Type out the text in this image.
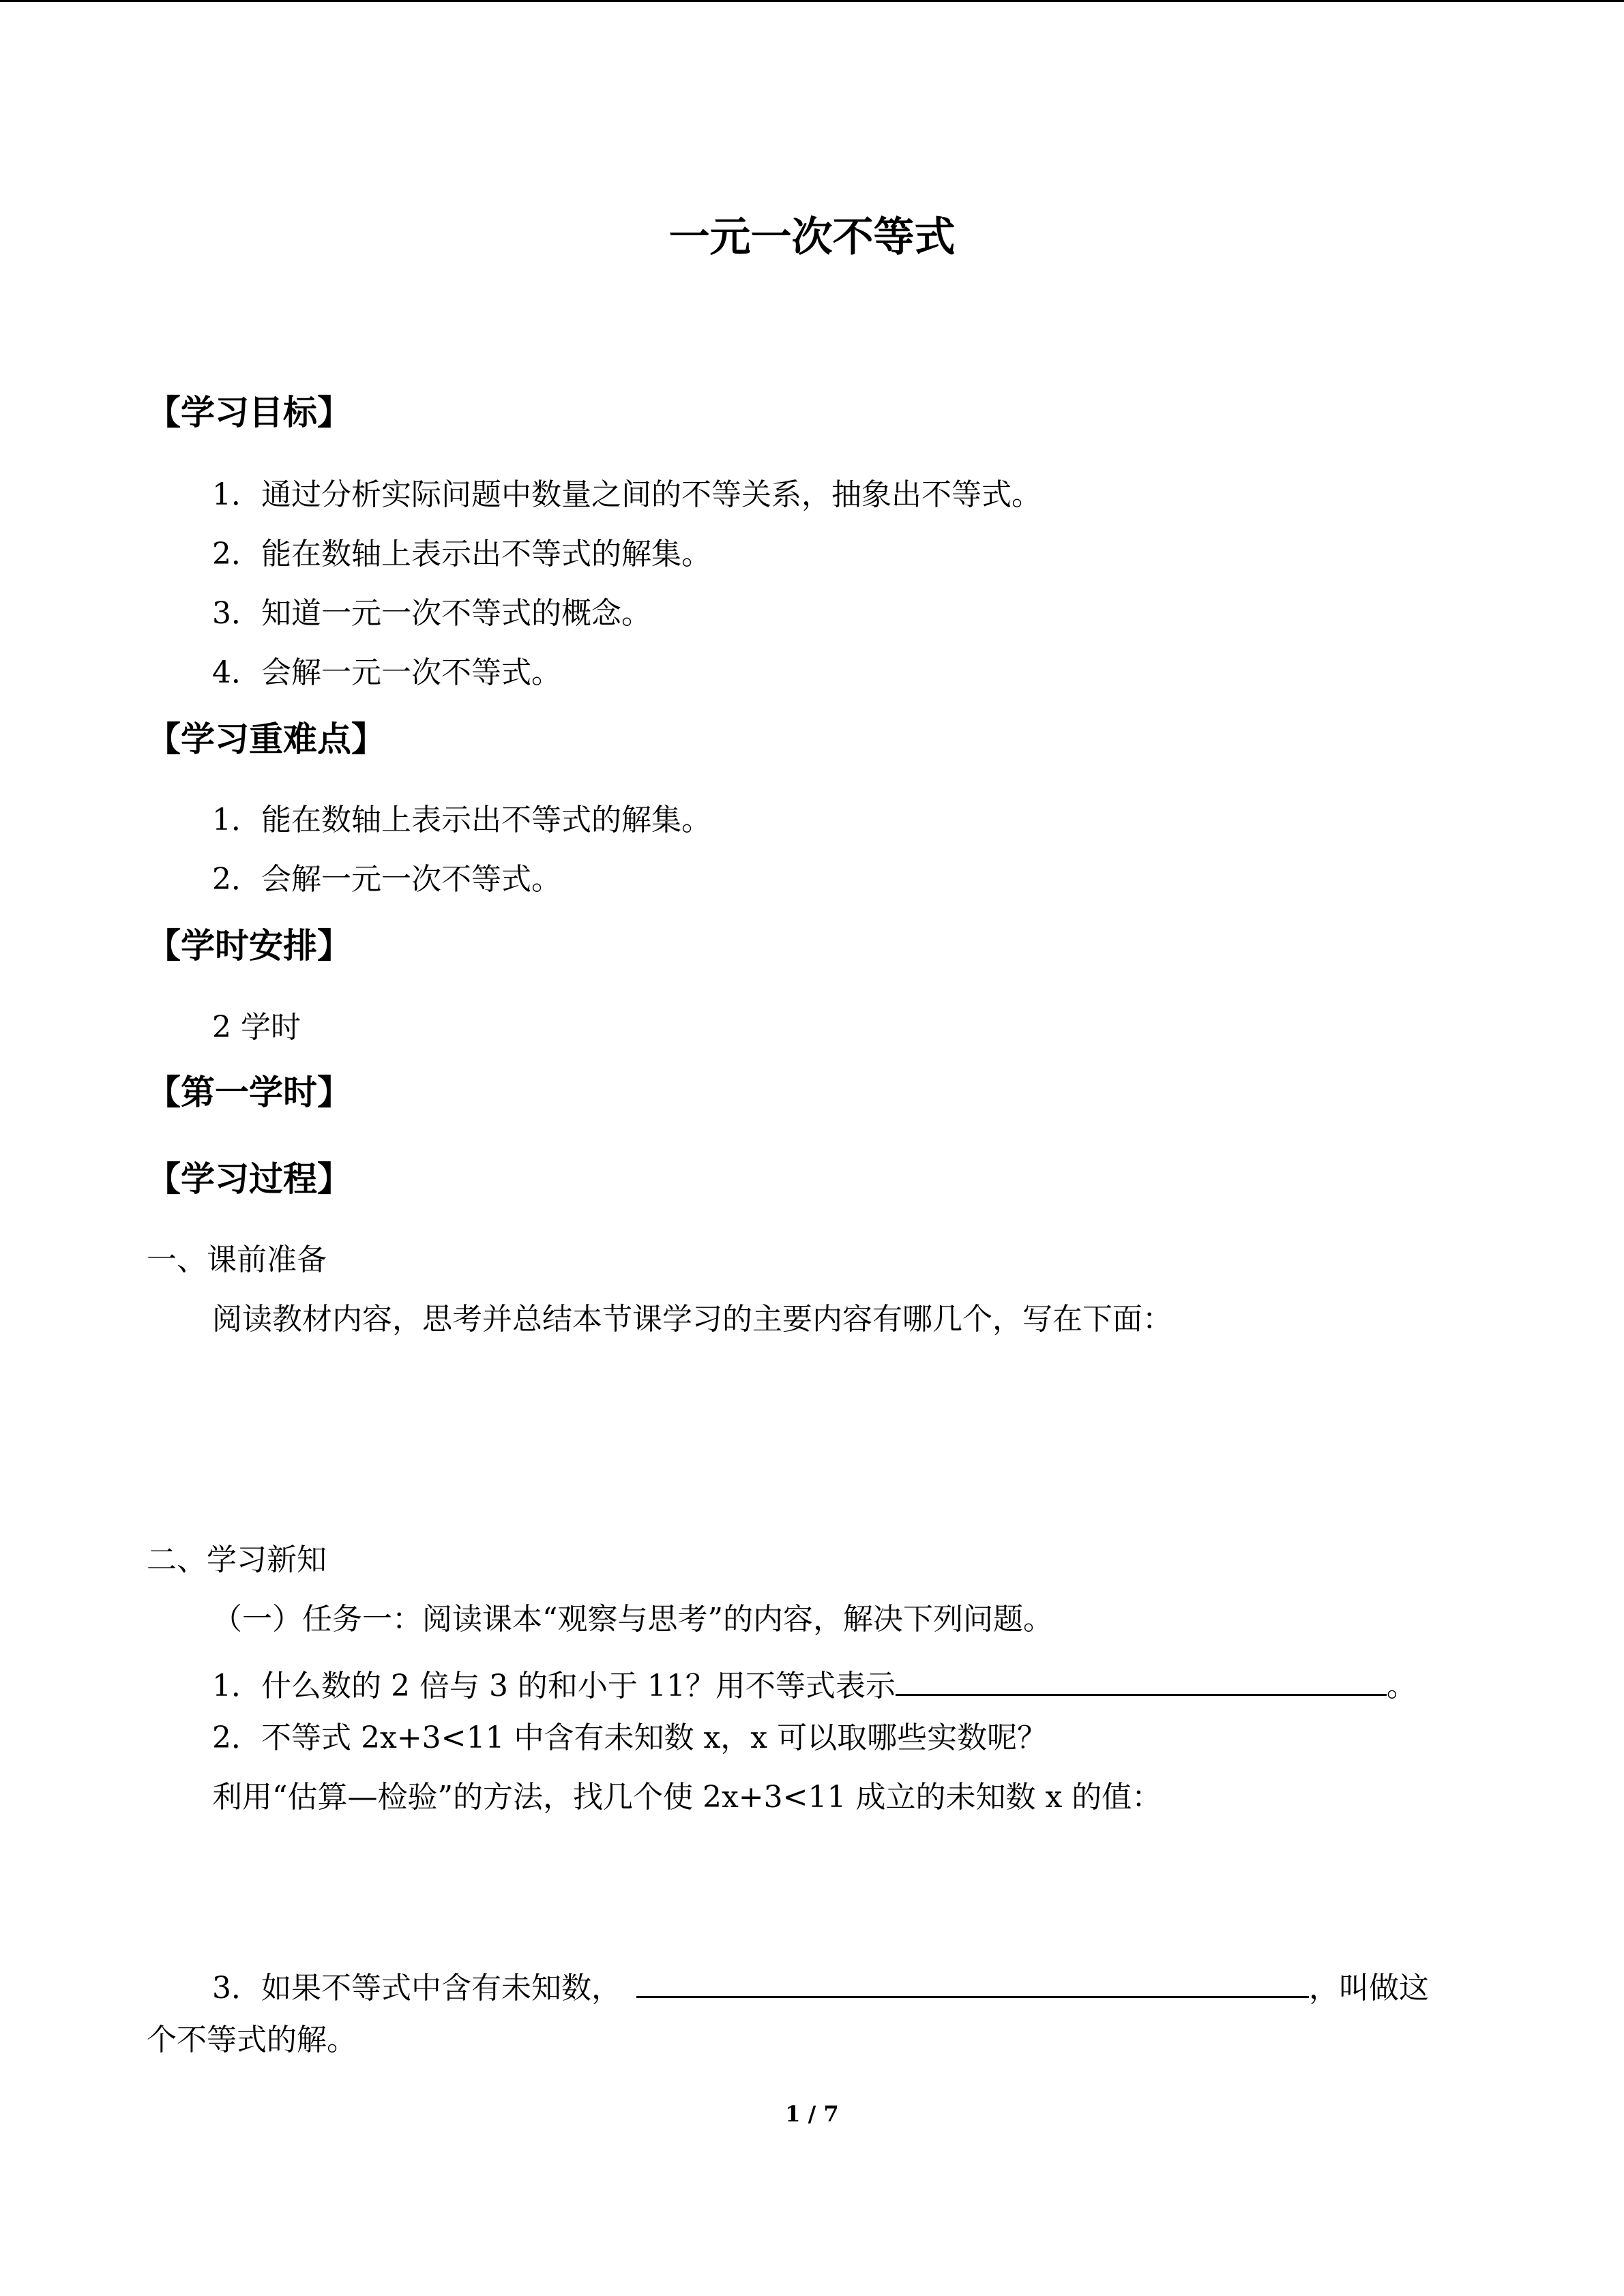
一元一次不等式
【学习目标】

1．通过分析实际问题中数量之间的不等关系，抽象出不等式。

2．能在数轴上表示出不等式的解集。

3．知道一元一次不等式的概念。

4．会解一元一次不等式。

【学习重难点】

1．能在数轴上表示出不等式的解集。

2．会解一元一次不等式。

【学时安排】

2 学时

【第一学时】
【学习过程】

一、课前准备

阅读教材内容，思考并总结本节课学习的主要内容有哪几个，写在下面：

二、学习新知

（一）任务一：阅读课本“观察与思考”的内容，解决下列问题。

1．什么数的 2 倍与 3 的和小于 11？用不等式表示	。

2．不等式 2x+3<11 中含有未知数 x，x 可以取哪些实数呢？

利用“估算—检验”的方法，找几个使 2x+3<11 成立的未知数 x 的值：

3．如果不等式中含有未知数，	，叫做这

个不等式的解。

1 / 7
